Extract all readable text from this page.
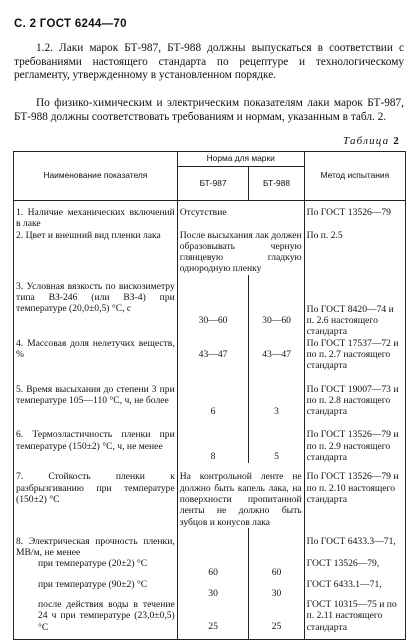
С. 2 ГОСТ 6244—70
1.2. Лаки марок БТ-987, БТ-988 должны выпускаться в соответствии с требованиями настоящего стандарта по рецептуре и технологическому регламенту, утвержденному в установленном порядке.
По физико-химическим и электрическим показателям лаки марок БТ-987, БТ-988 должны соответствовать требованиям и нормам, указанным в табл. 2.
Таблица 2
Наименование показателя	Норма для марки		Метод испытания
	БТ-987	БТ-988	
1. Наличие механических включений в лаке	Отсутствие		По ГОСТ 13526—79
2. Цвет и внешний вид пленки лака	После высыхания лак должен образовывать черную глянцевую гладкую однородную пленку		По п. 2.5
3. Условная вязкость по вискозиметру типа ВЗ-246 (или ВЗ-4) при температуре (20,0±0,5) °С, с	30—60	30—60	По ГОСТ 8420—74 и п. 2.6 настоящего стандарта
4. Массовая доля нелетучих веществ, %	43—47	43—47	По ГОСТ 17537—72 и по п. 2.7 настоящего стандарта
5. Время высыхания до степени 3 при температуре 105—110 °С, ч, не более	6	3	По ГОСТ 19007—73 и по п. 2.8 настоящего стандарта
6. Термоэластичность пленки при температуре (150±2) °С, ч, не менее	8	5	По ГОСТ 13526—79 и по п. 2.9 настоящего стандарта
7. Стойкость пленки к разбрызгиванию при температуре (150±2) °С	На контрольной ленте не должно быть капель лака, на поверхности пропитанной ленты не должно быть зубцов и конусов лака		По ГОСТ 13526—79 и по п. 2.10 настоящего стандарта
8. Электрическая прочность пленки, МВ/м, не менее			По ГОСТ 6433.3—71,
при температуре (20±2) °С	60	60	ГОСТ 13526—79,
при температуре (90±2) °С	30	30	ГОСТ 6433.1—71,
после действия воды в течение 24 ч при температуре (23,0±0,5) °С	25	25	ГОСТ 10315—75 и по п. 2.11 настоящего стандарта
